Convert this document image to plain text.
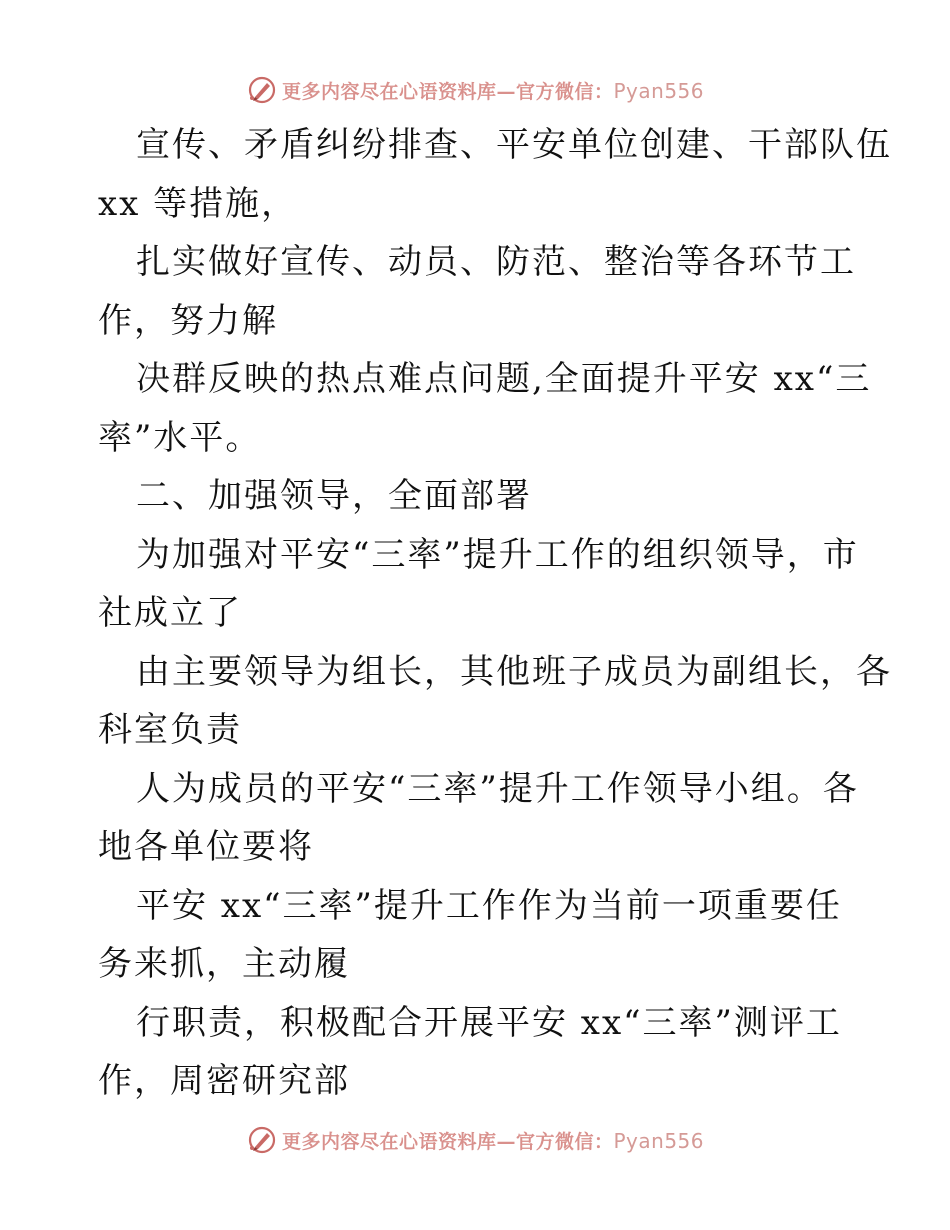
更多内容尽在心语资料库—官方微信：Pyan556
宣传、矛盾纠纷排查、平安单位创建、干部队伍
xx 等措施，
扎实做好宣传、动员、防范、整治等各环节工
作，努力解
决群反映的热点难点问题,全面提升平安 xx“三
率”水平。
二、加强领导，全面部署
为加强对平安“三率”提升工作的组织领导，市
社成立了
由主要领导为组长，其他班子成员为副组长，各
科室负责
人为成员的平安“三率”提升工作领导小组。各
地各单位要将
平安 xx“三率”提升工作作为当前一项重要任
务来抓，主动履
行职责，积极配合开展平安 xx“三率”测评工
作，周密研究部
更多内容尽在心语资料库—官方微信：Pyan556
